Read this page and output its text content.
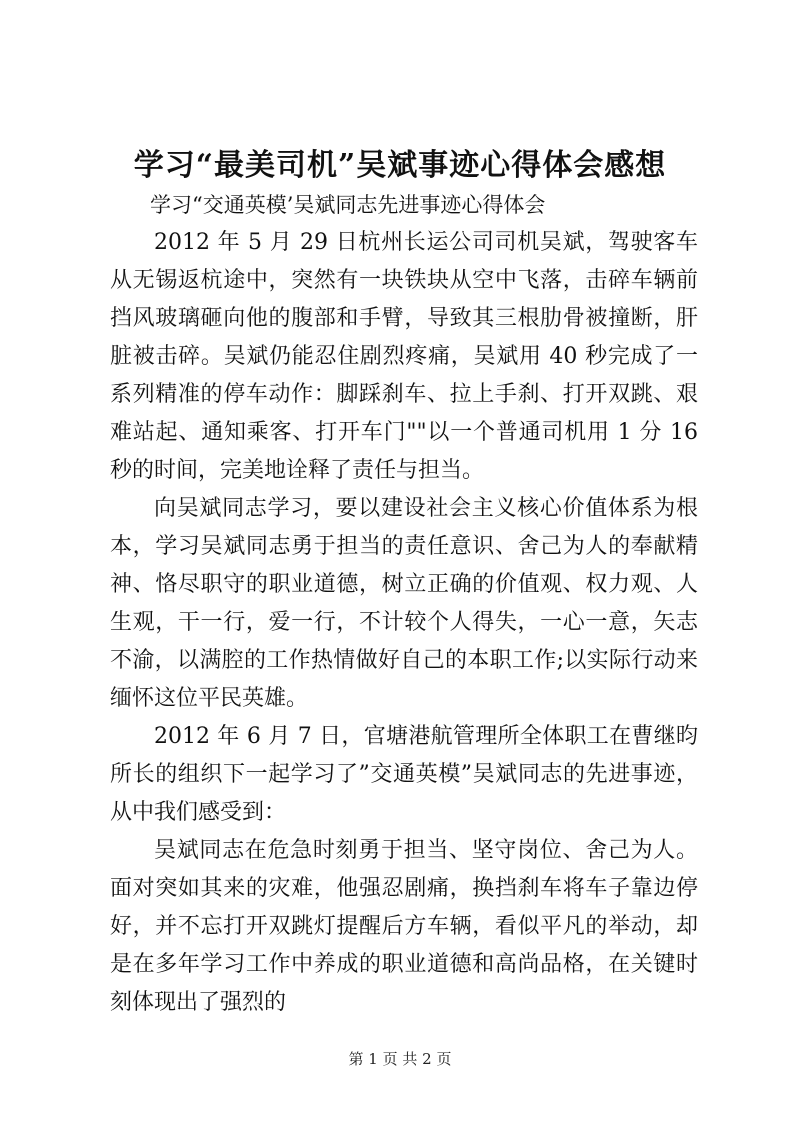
学习“最美司机”吴斌事迹心得体会感想

学习“交通英模’吴斌同志先进事迹心得体会

2012 年 5 月 29 日杭州长运公司司机吴斌，驾驶客车从无锡返杭途中，突然有一块铁块从空中飞落，击碎车辆前挡风玻璃砸向他的腹部和手臂，导致其三根肋骨被撞断，肝脏被击碎。吴斌仍能忍住剧烈疼痛，吴斌用 40 秒完成了一系列精准的停车动作：脚踩刹车、拉上手刹、打开双跳、艰难站起、通知乘客、打开车门""以一个普通司机用 1 分 16 秒的时间，完美地诠释了责任与担当。

向吴斌同志学习，要以建设社会主义核心价值体系为根本，学习吴斌同志勇于担当的责任意识、舍己为人的奉献精神、恪尽职守的职业道德，树立正确的价值观、权力观、人生观，干一行，爱一行，不计较个人得失，一心一意，矢志不渝，以满腔的工作热情做好自己的本职工作;以实际行动来缅怀这位平民英雄。

2012 年 6 月 7 日，官塘港航管理所全体职工在曹继昀所长的组织下一起学习了”交通英模”吴斌同志的先进事迹，从中我们感受到：

吴斌同志在危急时刻勇于担当、坚守岗位、舍己为人。面对突如其来的灾难，他强忍剧痛，换挡刹车将车子靠边停好，并不忘打开双跳灯提醒后方车辆，看似平凡的举动，却是在多年学习工作中养成的职业道德和高尚品格，在关键时刻体现出了强烈的

第 1 页 共 2 页
